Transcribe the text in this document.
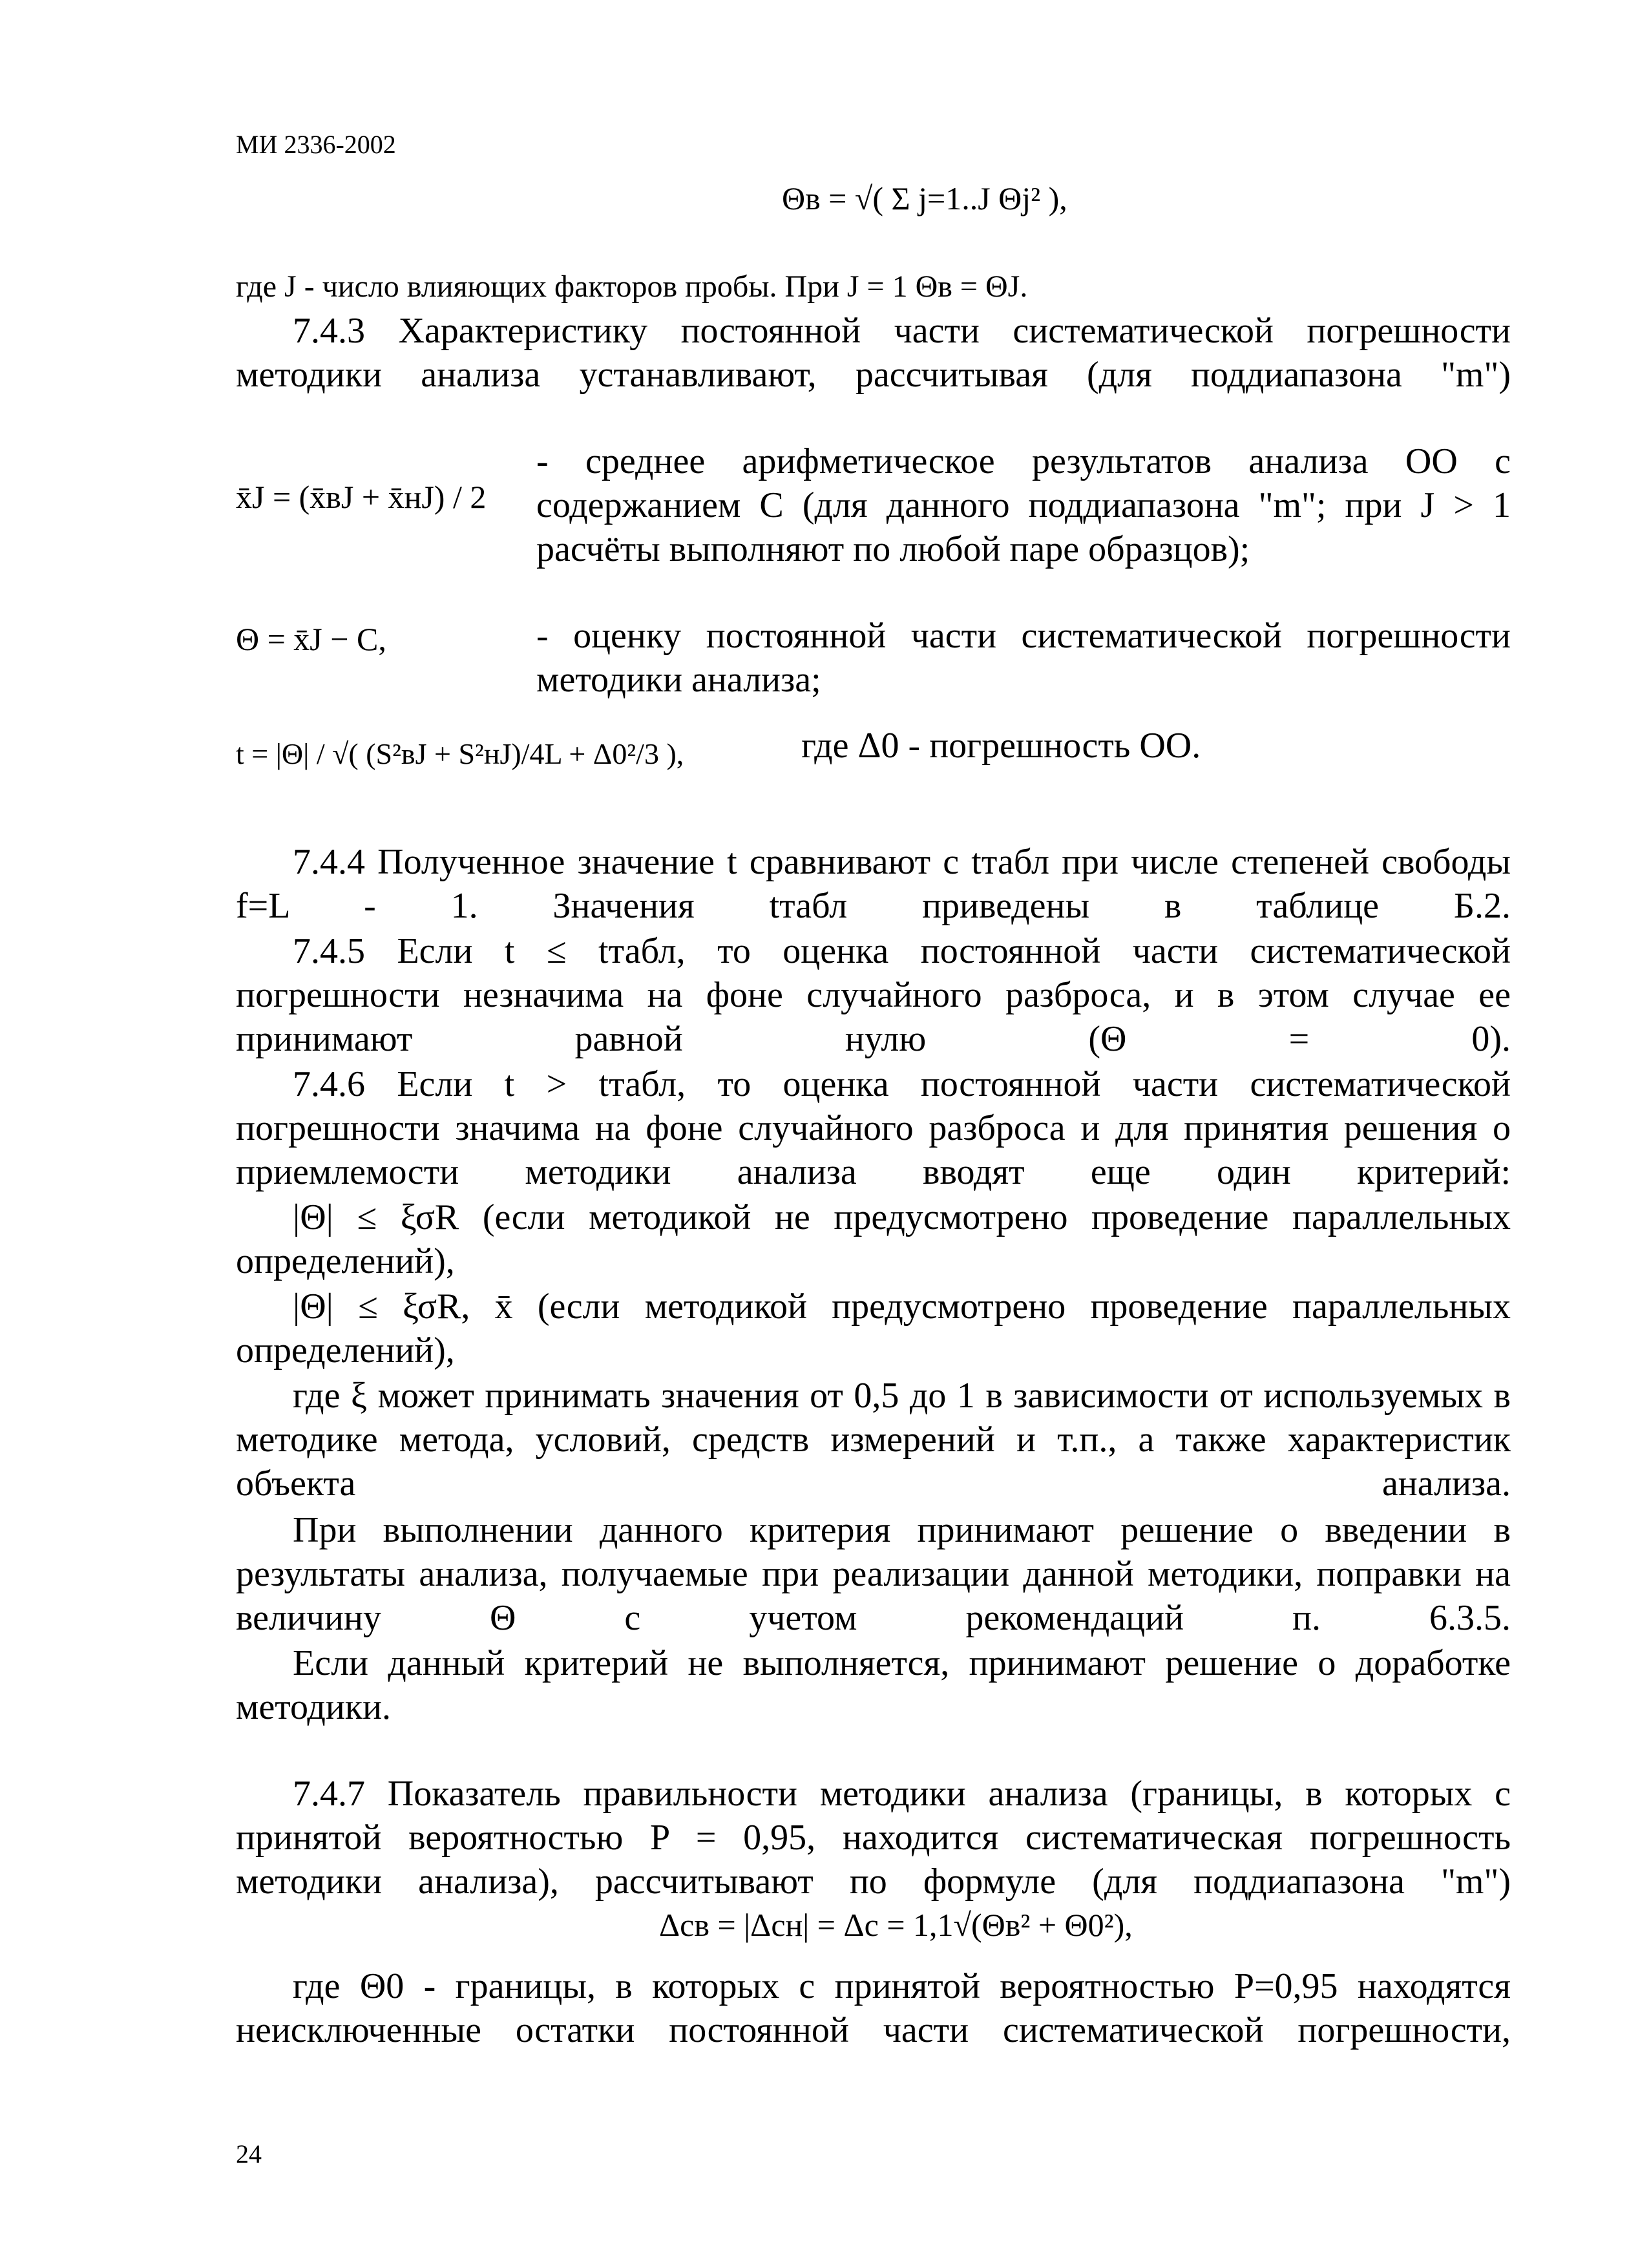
МИ 2336-2002
Θв = √( Σ j=1..J Θj² ),

где J - число влияющих факторов пробы. При J = 1 Θв = ΘJ.

7.4.3 Характеристику постоянной части систематической погрешности методики анализа устанавливают, рассчитывая (для поддиапазона "m")

x̄J = (x̄вJ + x̄нJ) / 2

- среднее арифметическое результатов анализа ОО с содержанием С (для данного поддиапазона "m"; при J > 1 расчёты выполняют по любой паре образцов);

Θ = x̄J − C,	- оценку постоянной части систематической погрешности методики анализа;

t = |Θ| / √( (S²вJ + S²нJ)/4L + Δ0²/3 ),	где Δ0 - погрешность ОО.

7.4.4 Полученное значение t сравнивают с tтабл при числе степеней свободы f=L - 1. Значения tтабл приведены в таблице Б.2.

7.4.5 Если t ≤ tтабл, то оценка постоянной части систематической погрешности незначима на фоне случайного разброса, и в этом случае ее принимают равной нулю (Θ = 0).

7.4.6 Если t > tтабл, то оценка постоянной части систематической погрешности значима на фоне случайного разброса и для принятия решения о приемлемости методики анализа вводят еще один критерий:

|Θ| ≤ ξσR (если методикой не предусмотрено проведение параллельных определений),

|Θ| ≤ ξσR, x̄ (если методикой предусмотрено проведение параллельных определений),

где ξ может принимать значения от 0,5 до 1 в зависимости от используемых в методике метода, условий, средств измерений и т.п., а также характеристик объекта анализа.

При выполнении данного критерия принимают решение о введении в результаты анализа, получаемые при реализации данной методики, поправки на величину Θ с учетом рекомендаций п. 6.3.5.

Если данный критерий не выполняется, принимают решение о доработке методики.

7.4.7 Показатель правильности методики анализа (границы, в которых с принятой вероятностью P = 0,95, находится систематическая погрешность методики анализа), рассчитывают по формуле (для поддиапазона "m")

Δсв = |Δсн| = Δс = 1,1√(Θв² + Θ0²),

где Θ0 - границы, в которых с принятой вероятностью P=0,95 находятся неисключенные остатки постоянной части систематической погрешности,

24
